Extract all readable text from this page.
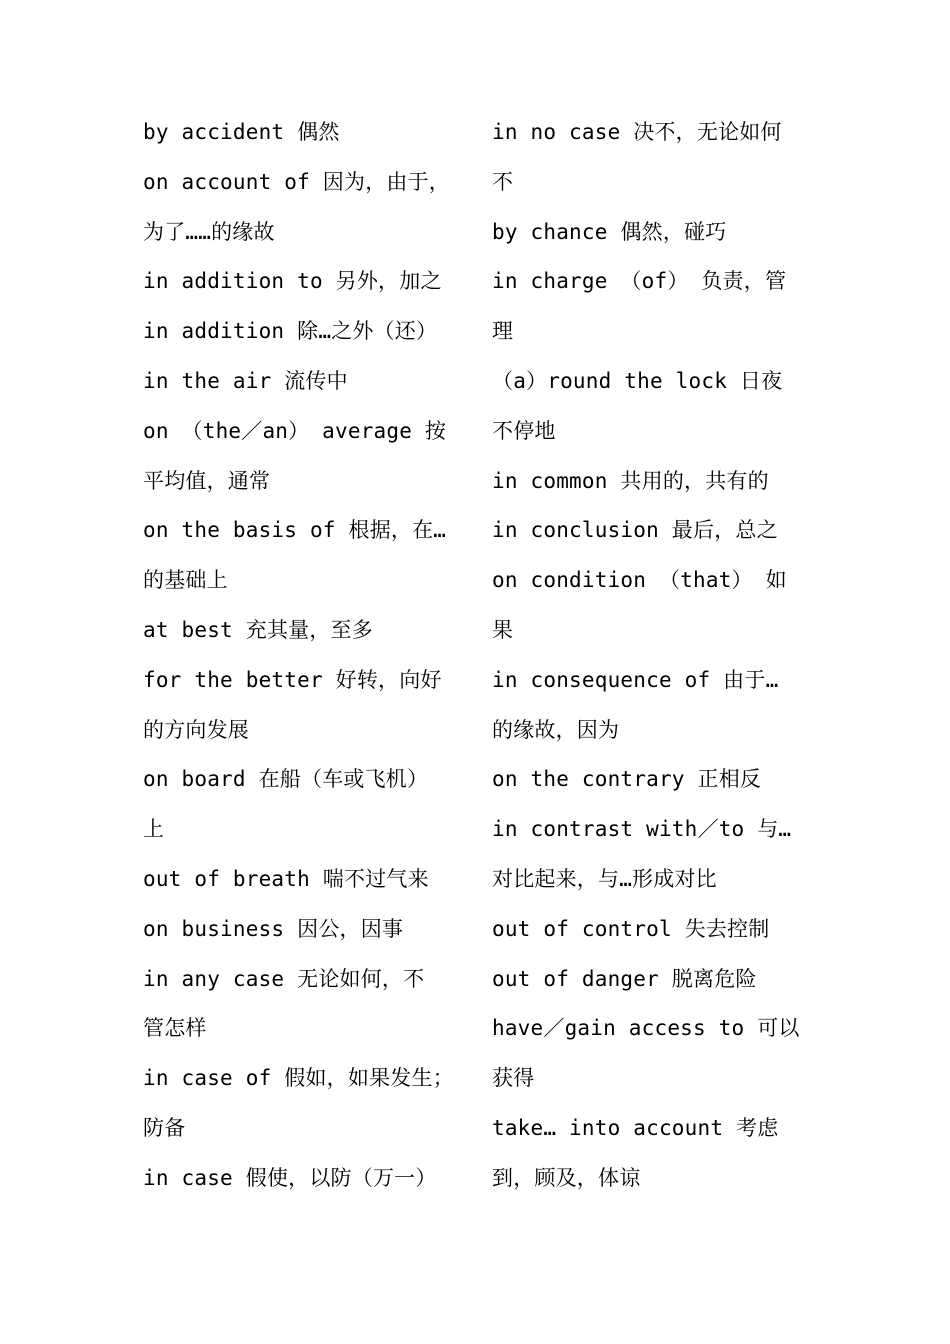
by accident 偶然
on account of 因为，由于，
为了……的缘故
in addition to 另外，加之
in addition 除…之外（还）
in the air 流传中
on （the／an） average 按
平均值，通常
on the basis of 根据，在…
的基础上
at best 充其量，至多
for the better 好转，向好
的方向发展
on board 在船（车或飞机）
上
out of breath 喘不过气来
on business 因公，因事
in any case 无论如何，不
管怎样
in case of 假如，如果发生；
防备
in case 假使，以防（万一）
in no case 决不，无论如何
不
by chance 偶然，碰巧
in charge （of） 负责，管
理
（a）round the lock 日夜
不停地
in common 共用的，共有的
in conclusion 最后，总之
on condition （that） 如
果
in consequence of 由于…
的缘故，因为
on the contrary 正相反
in contrast with／to 与…
对比起来，与…形成对比
out of control 失去控制
out of danger 脱离危险
have／gain access to 可以
获得
take… into account 考虑
到，顾及，体谅
